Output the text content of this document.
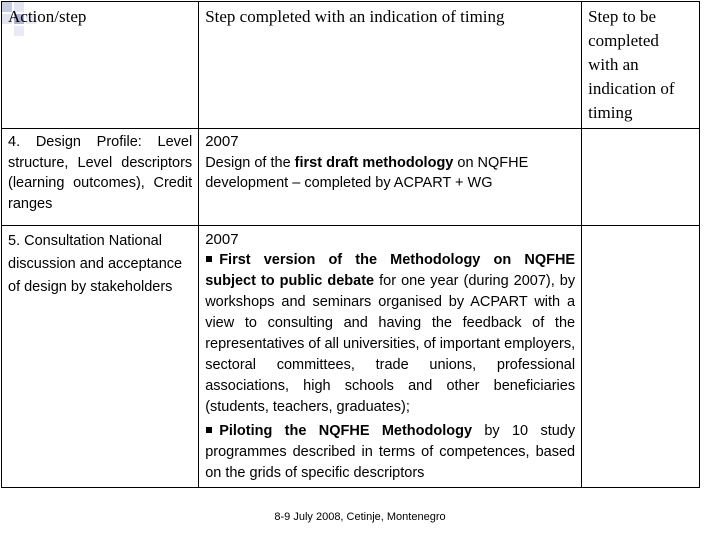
Action/step	Step completed with an indication of timing	Step to be completed with an indication of timing
4. Design Profile: Level structure, Level descriptors (learning outcomes), Credit ranges	2007
Design of the first draft methodology on NQFHE development – completed by ACPART + WG	

5. Consultation National discussion and acceptance of design by stakeholders	2007
First version of the Methodology on NQFHE subject to public debate for one year (during 2007), by workshops and seminars organised by ACPART with a view to consulting and having the feedback of the representatives of all universities, of important employers, sectoral committees, trade unions, professional associations, high schools and other beneficiaries (students, teachers, graduates);
Piloting the NQFHE Methodology by 10 study programmes described in terms of competences, based on the grids of specific descriptors	

8-9 July 2008, Cetinje, Montenegro
